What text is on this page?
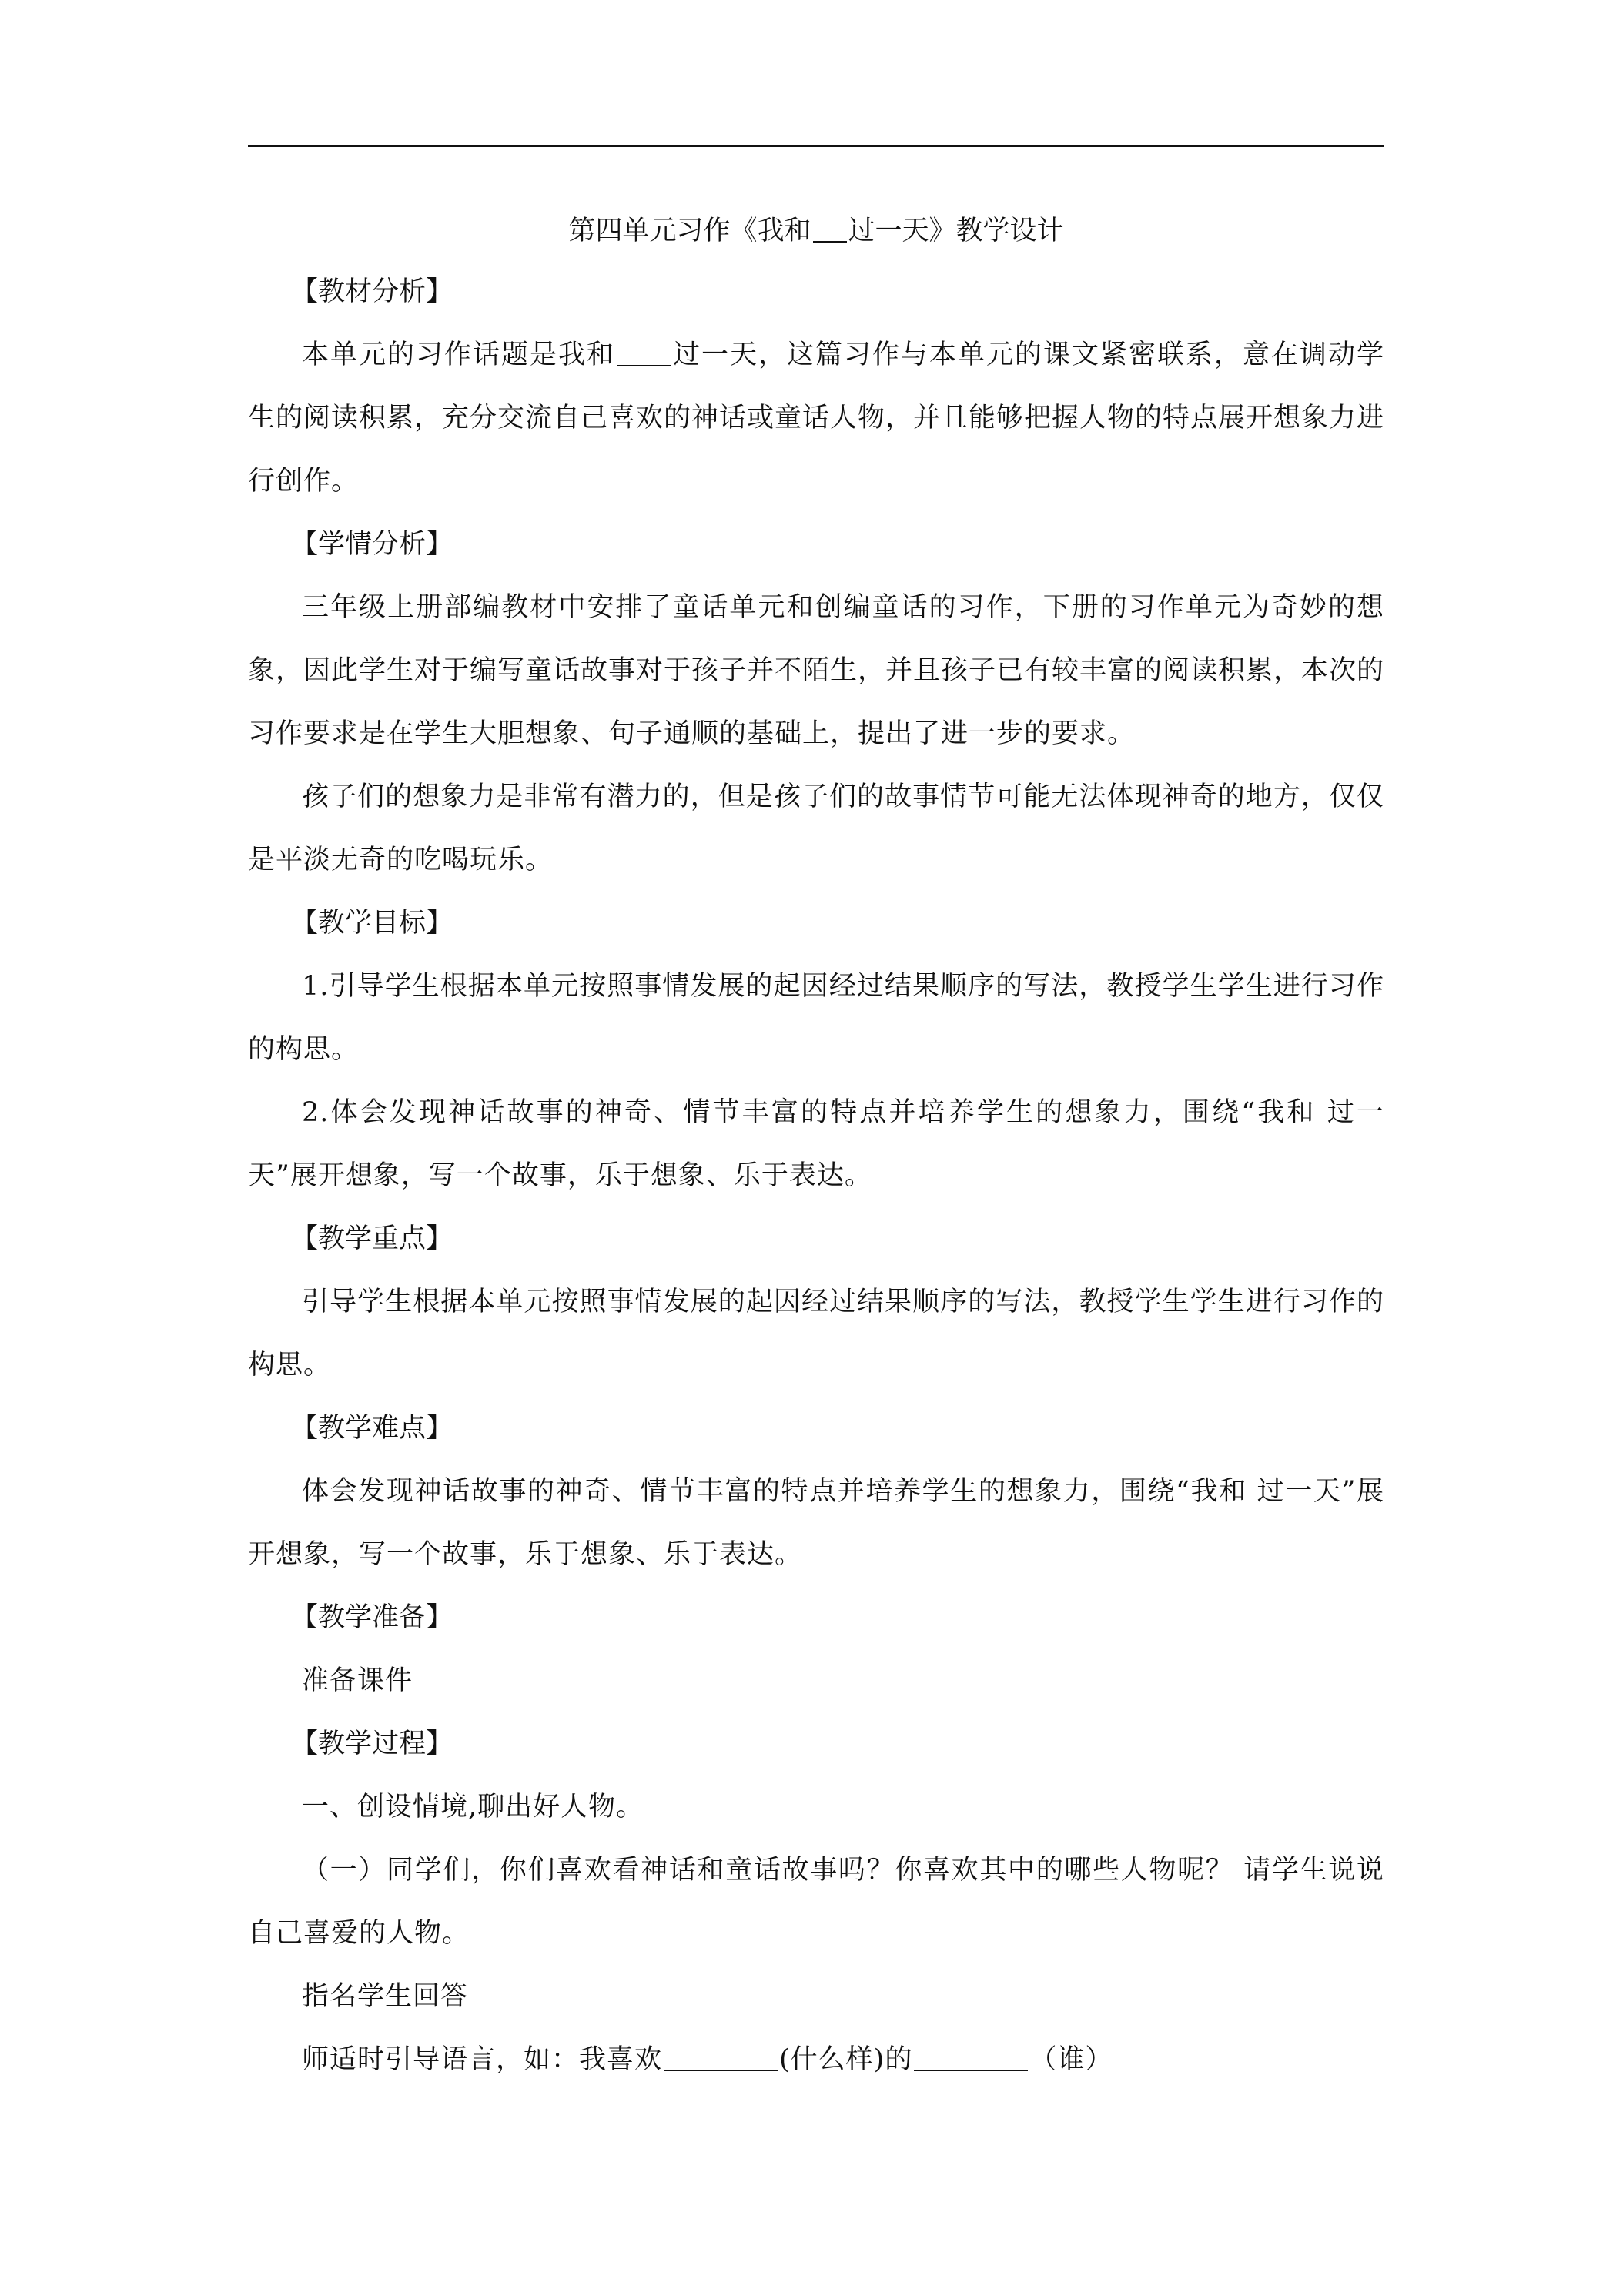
第四单元习作《我和 过一天》教学设计
【教材分析】

本单元的习作话题是我和 过一天，这篇习作与本单元的课文紧密联系，意在调动学生的阅读积累，充分交流自己喜欢的神话或童话人物，并且能够把握人物的特点展开想象力进行创作。

【学情分析】

三年级上册部编教材中安排了童话单元和创编童话的习作，下册的习作单元为奇妙的想象，因此学生对于编写童话故事对于孩子并不陌生，并且孩子已有较丰富的阅读积累，本次的习作要求是在学生大胆想象、句子通顺的基础上，提出了进一步的要求。

孩子们的想象力是非常有潜力的，但是孩子们的故事情节可能无法体现神奇的地方，仅仅是平淡无奇的吃喝玩乐。

【教学目标】

1.引导学生根据本单元按照事情发展的起因经过结果顺序的写法，教授学生学生进行习作的构思。

2.体会发现神话故事的神奇、情节丰富的特点并培养学生的想象力，围绕“我和 过一天”展开想象，写一个故事，乐于想象、乐于表达。

【教学重点】

引导学生根据本单元按照事情发展的起因经过结果顺序的写法，教授学生学生进行习作的构思。

【教学难点】

体会发现神话故事的神奇、情节丰富的特点并培养学生的想象力，围绕“我和 过一天”展开想象，写一个故事，乐于想象、乐于表达。

【教学准备】

准备课件

【教学过程】

一、创设情境,聊出好人物。

（一）同学们，你们喜欢看神话和童话故事吗？你喜欢其中的哪些人物呢？ 请学生说说自己喜爱的人物。

指名学生回答

师适时引导语言，如：我喜欢	(什么样)的	（谁）
